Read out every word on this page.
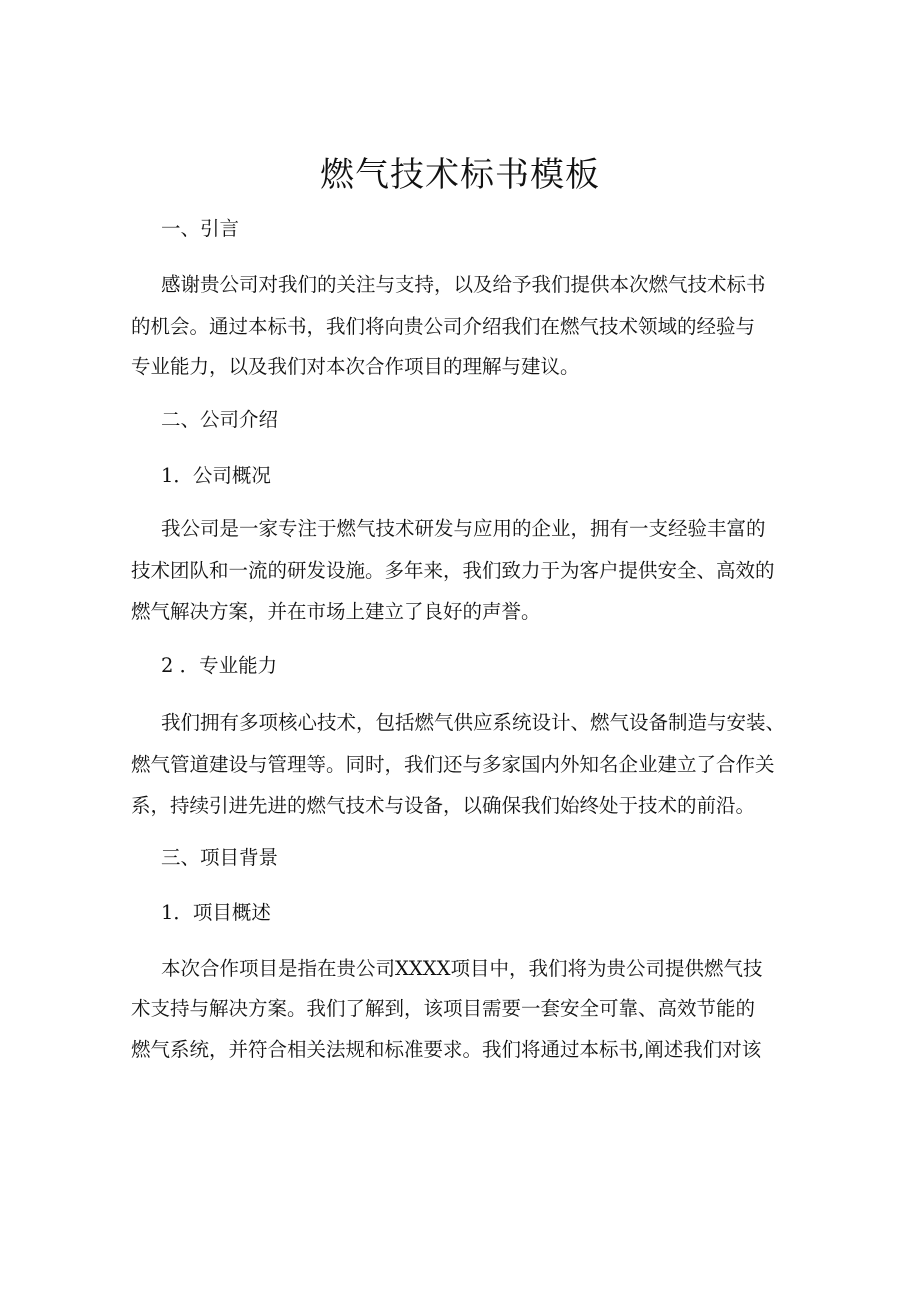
燃气技术标书模板
一、引言
感谢贵公司对我们的关注与支持，以及给予我们提供本次燃气技术标书
的机会。通过本标书，我们将向贵公司介绍我们在燃气技术领域的经验与
专业能力，以及我们对本次合作项目的理解与建议。
二、公司介绍
1．公司概况
我公司是一家专注于燃气技术研发与应用的企业，拥有一支经验丰富的
技术团队和一流的研发设施。多年来，我们致力于为客户提供安全、高效的
燃气解决方案，并在市场上建立了良好的声誉。
2 ．专业能力
我们拥有多项核心技术，包括燃气供应系统设计、燃气设备制造与安装、
燃气管道建设与管理等。同时，我们还与多家国内外知名企业建立了合作关
系，持续引进先进的燃气技术与设备，以确保我们始终处于技术的前沿。
三、项目背景
1．项目概述
本次合作项目是指在贵公司XXXX项目中，我们将为贵公司提供燃气技
术支持与解决方案。我们了解到，该项目需要一套安全可靠、高效节能的
燃气系统，并符合相关法规和标准要求。我们将通过本标书,阐述我们对该
